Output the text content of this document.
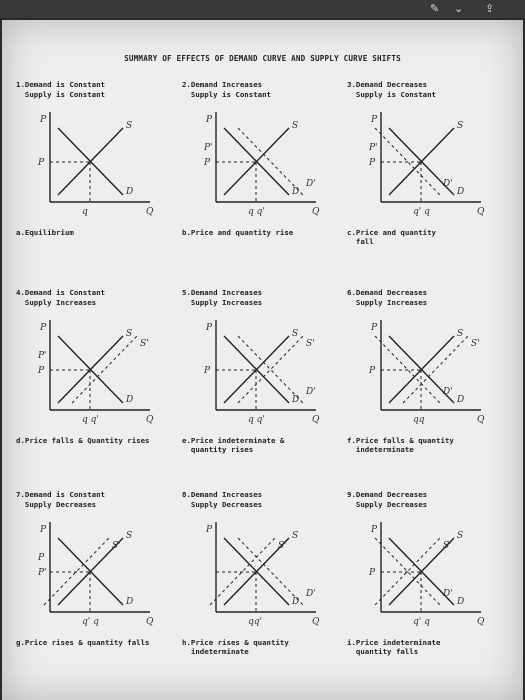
✎ ⌄ ⇪
SUMMARY OF EFFECTS OF DEMAND CURVE AND SUPPLY CURVE SHIFTS
1.Demand is Constant
Supply is Constant
P
Q
S
D
P
q
a.Equilibrium
2.Demand Increases
Supply is Constant
P
Q
S
D
D'
P
P'
q q'
b.Price and quantity rise
3.Demand Decreases
Supply is Constant
P
Q
S
D
D'
P
P'
q' q
c.Price and quantity
fall
4.Demand is Constant
Supply Increases
P
Q
S
D
S'
P
P'
q q'
d.Price falls & Quantity rises
5.Demand Increases
Supply Increases
P
Q
S
D
S'
D'
P
q q'
e.Price indeterminate &
quantity rises
6.Demand Decreases
Supply Increases
P
Q
S
D
S'
D'
P
qq
f.Price falls & quantity
indeterminate
7.Demand is Constant
Supply Decreases
P
Q
S
D
S'
P'
P
q' q
g.Price rises & quantity falls
8.Demand Increases
Supply Decreases
P
Q
S
D
S'
D'
qq'
h.Price rises & quantity
indeterminate
9.Demand Decreases
Supply Decreases
P
Q
S
D
S'
D'
P
q' q
i.Price indeterminate
quantity falls
